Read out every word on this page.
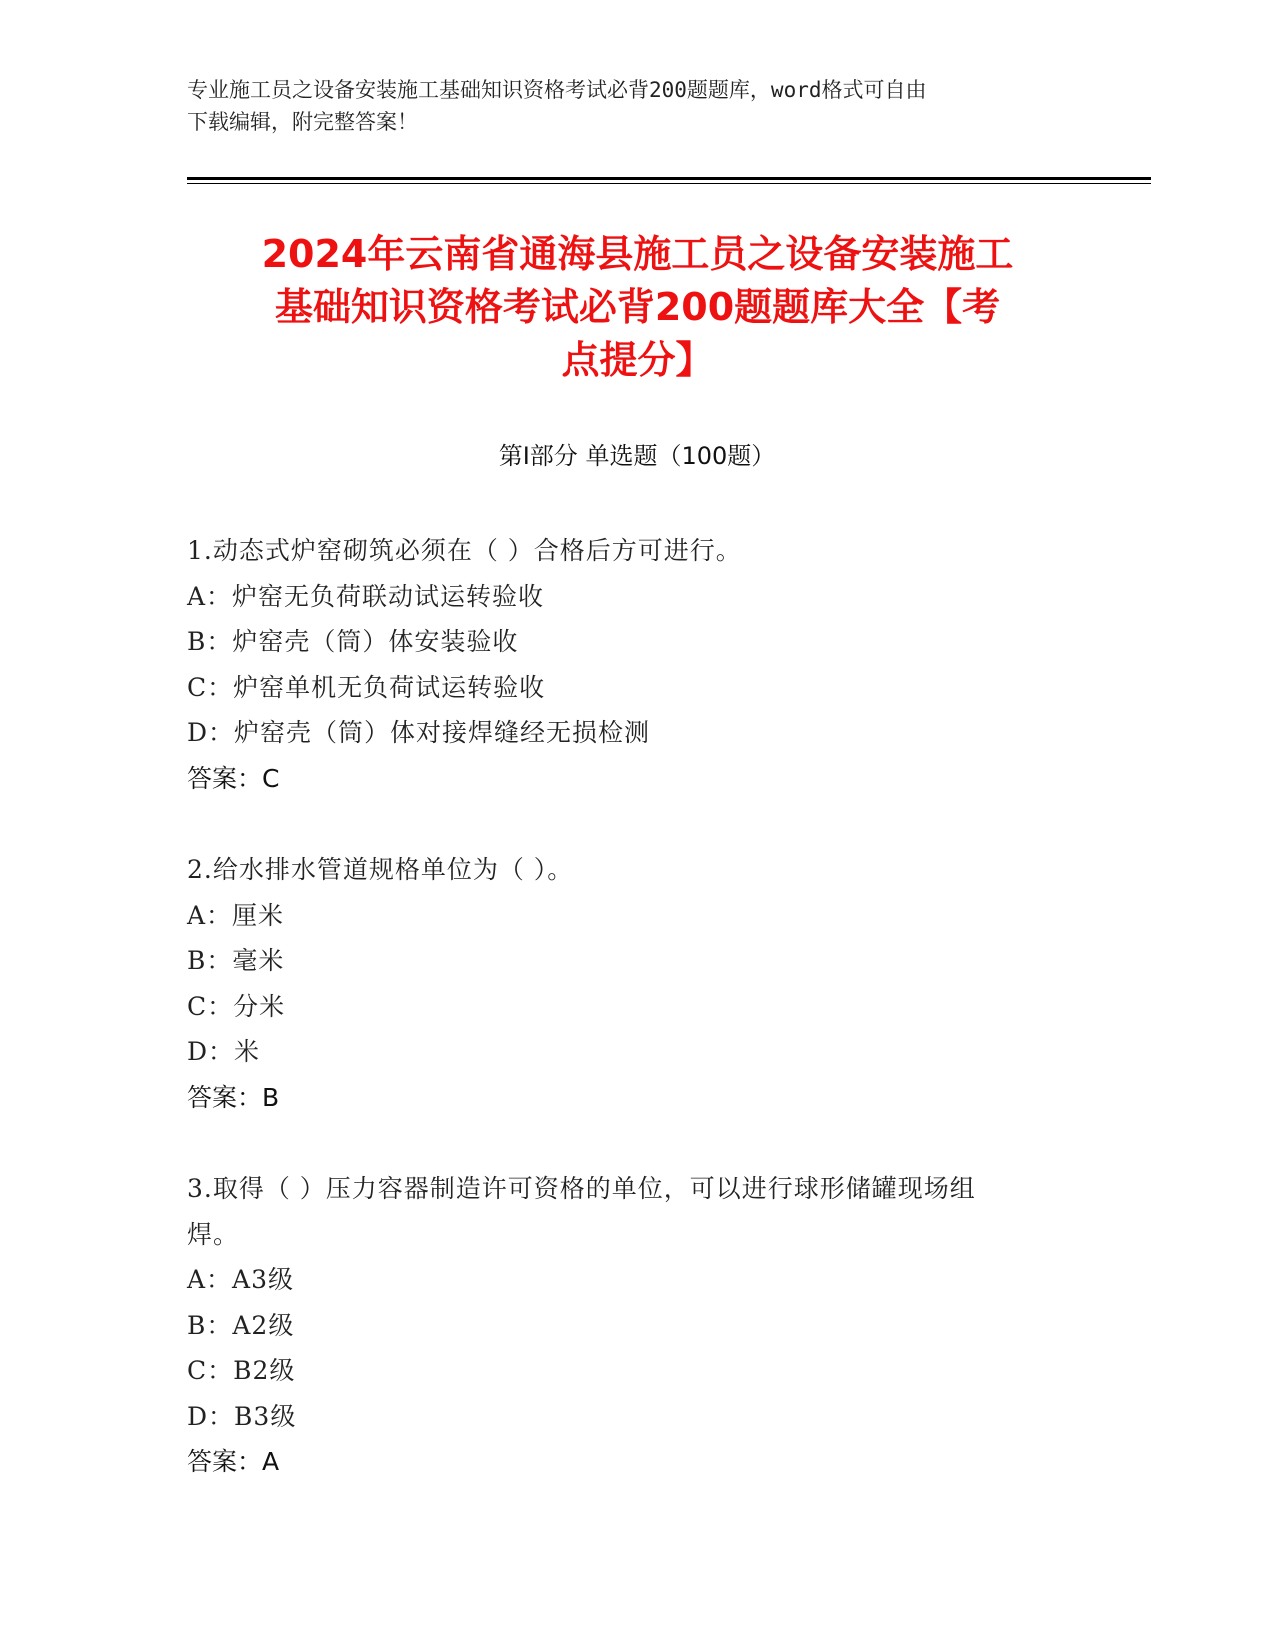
专业施工员之设备安装施工基础知识资格考试必背200题题库，word格式可自由
下载编辑，附完整答案！
2024年云南省通海县施工员之设备安装施工
基础知识资格考试必背200题题库大全【考
点提分】
第Ⅰ部分 单选题（100题）
1.动态式炉窑砌筑必须在（ ）合格后方可进行。
A：炉窑无负荷联动试运转验收
B：炉窑壳（筒）体安装验收
C：炉窑单机无负荷试运转验收
D：炉窑壳（筒）体对接焊缝经无损检测
答案：C
2.给水排水管道规格单位为（ ）。
A：厘米
B：毫米
C：分米
D：米
答案：B
3.取得（ ）压力容器制造许可资格的单位，可以进行球形储罐现场组
焊。
A：A3级
B：A2级
C：B2级
D：B3级
答案：A
